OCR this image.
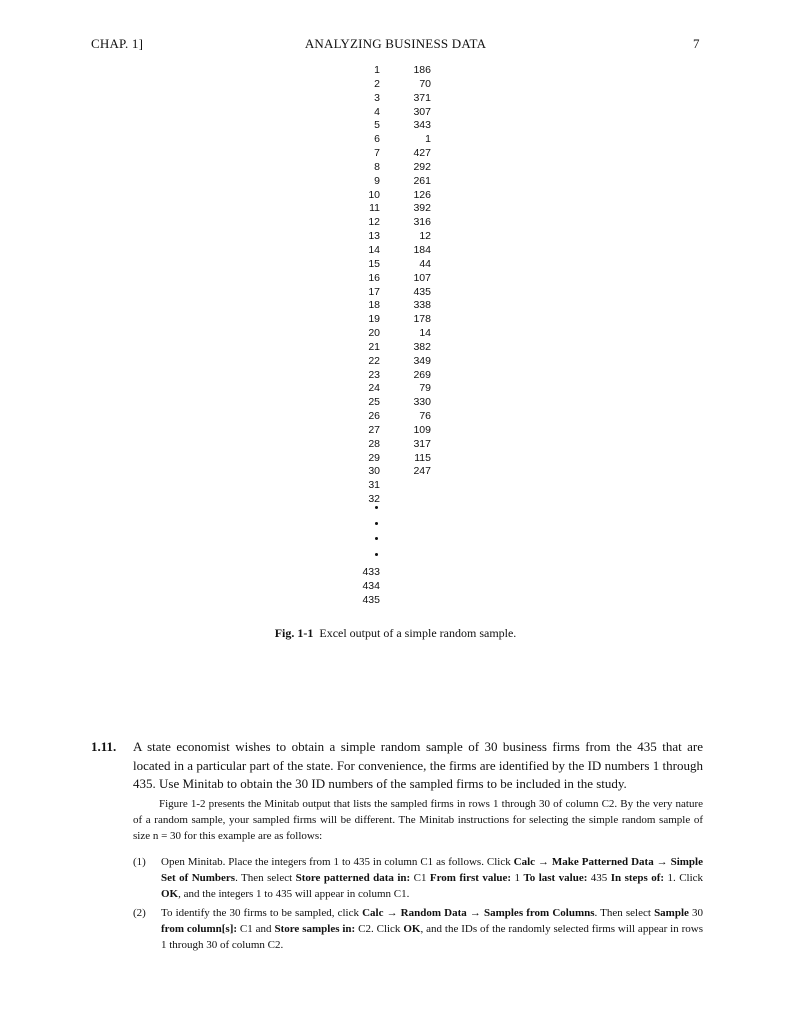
CHAP. 1]	ANALYZING BUSINESS DATA	7
1	186
2	70
3	371
4	307
5	343
6	1
7	427
8	292
9	261
10	126
11	392
12	316
13	12
14	184
15	44
16	107
17	435
18	338
19	178
20	14
21	382
22	349
23	269
24	79
25	330
26	76
27	109
28	317
29	115
30	247
31
32
433
434
435
Fig. 1-1 Excel output of a simple random sample.
1.11. A state economist wishes to obtain a simple random sample of 30 business firms from the 435 that are located in a particular part of the state. For convenience, the firms are identified by the ID numbers 1 through 435. Use Minitab to obtain the 30 ID numbers of the sampled firms to be included in the study.

Figure 1-2 presents the Minitab output that lists the sampled firms in rows 1 through 30 of column C2. By the very nature of a random sample, your sampled firms will be different. The Minitab instructions for selecting the simple random sample of size n = 30 for this example are as follows:

(1) Open Minitab. Place the integers from 1 to 435 in column C1 as follows. Click Calc → Make Patterned Data → Simple Set of Numbers. Then select Store patterned data in: C1 From first value: 1 To last value: 435 In steps of: 1. Click OK, and the integers 1 to 435 will appear in column C1.
(2) To identify the 30 firms to be sampled, click Calc → Random Data → Samples from Columns. Then select Sample 30 from column[s]: C1 and Store samples in: C2. Click OK, and the IDs of the randomly selected firms will appear in rows 1 through 30 of column C2.
